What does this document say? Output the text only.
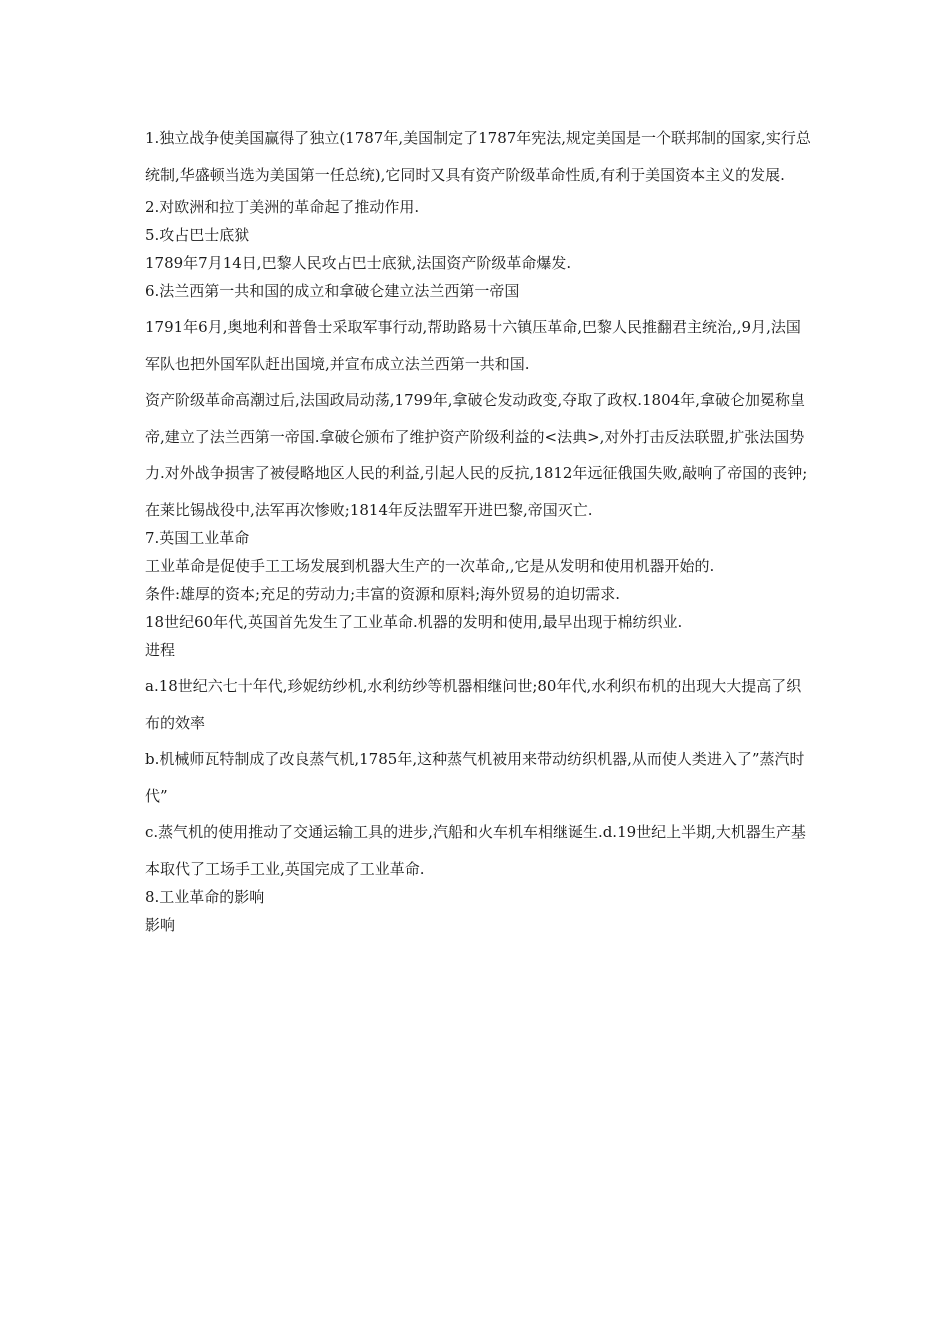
1.独立战争使美国赢得了独立(1787年,美国制定了1787年宪法,规定美国是一个联邦制的国家,实行总统制,华盛顿当选为美国第一任总统),它同时又具有资产阶级革命性质,有利于美国资本主义的发展.

2.对欧洲和拉丁美洲的革命起了推动作用.

5.攻占巴士底狱

1789年7月14日,巴黎人民攻占巴士底狱,法国资产阶级革命爆发.

6.法兰西第一共和国的成立和拿破仑建立法兰西第一帝国

1791年6月,奥地利和普鲁士采取军事行动,帮助路易十六镇压革命,巴黎人民推翻君主统治,,9月,法国军队也把外国军队赶出国境,并宣布成立法兰西第一共和国.

资产阶级革命高潮过后,法国政局动荡,1799年,拿破仑发动政变,夺取了政权.1804年,拿破仑加冕称皇帝,建立了法兰西第一帝国.拿破仑颁布了维护资产阶级利益的<法典>,对外打击反法联盟,扩张法国势力.对外战争损害了被侵略地区人民的利益,引起人民的反抗,1812年远征俄国失败,敲响了帝国的丧钟;在莱比锡战役中,法军再次惨败;1814年反法盟军开进巴黎,帝国灭亡.

7.英国工业革命

工业革命是促使手工工场发展到机器大生产的一次革命,,它是从发明和使用机器开始的.

条件:雄厚的资本;充足的劳动力;丰富的资源和原料;海外贸易的迫切需求.

18世纪60年代,英国首先发生了工业革命.机器的发明和使用,最早出现于棉纺织业.

进程

a.18世纪六七十年代,珍妮纺纱机,水利纺纱等机器相继问世;80年代,水利织布机的出现大大提高了织布的效率

b.机械师瓦特制成了改良蒸气机,1785年,这种蒸气机被用来带动纺织机器,从而使人类进入了”蒸汽时代”

c.蒸气机的使用推动了交通运输工具的进步,汽船和火车机车相继诞生.d.19世纪上半期,大机器生产基本取代了工场手工业,英国完成了工业革命.

8.工业革命的影响

影响
